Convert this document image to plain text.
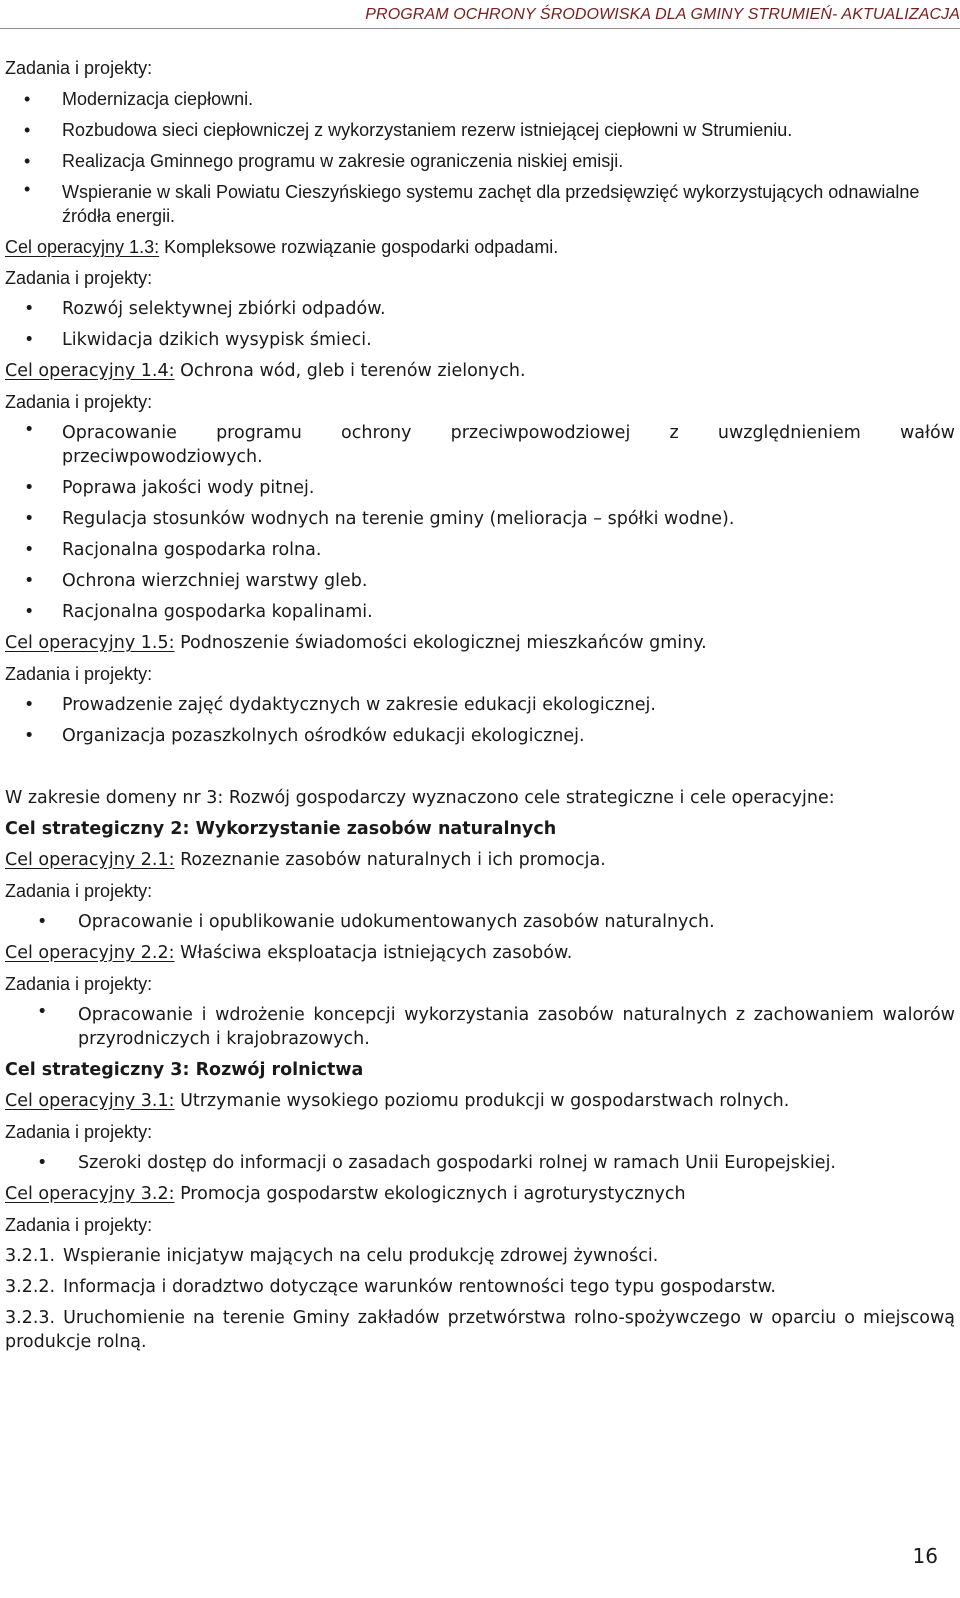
PROGRAM OCHRONY ŚRODOWISKA DLA GMINY STRUMIEŃ- AKTUALIZACJA

Zadania i projekty:

• Modernizacja ciepłowni.
• Rozbudowa sieci ciepłowniczej z wykorzystaniem rezerw istniejącej ciepłowni w Strumieniu.
• Realizacja Gminnego programu w zakresie ograniczenia niskiej emisji.
• Wspieranie w skali Powiatu Cieszyńskiego systemu zachęt dla przedsięwzięć wykorzystujących odnawialne źródła energii.

Cel operacyjny 1.3: Kompleksowe rozwiązanie gospodarki odpadami.

Zadania i projekty:

• Rozwój selektywnej zbiórki odpadów.
• Likwidacja dzikich wysypisk śmieci.

Cel operacyjny 1.4: Ochrona wód, gleb i terenów zielonych.

Zadania i projekty:

• Opracowanie programu ochrony przeciwpowodziowej z uwzględnieniem wałów przeciwpowodziowych.
• Poprawa jakości wody pitnej.
• Regulacja stosunków wodnych na terenie gminy (melioracja – spółki wodne).
• Racjonalna gospodarka rolna.
• Ochrona wierzchniej warstwy gleb.
• Racjonalna gospodarka kopalinami.

Cel operacyjny 1.5: Podnoszenie świadomości ekologicznej mieszkańców gminy.

Zadania i projekty:

• Prowadzenie zajęć dydaktycznych w zakresie edukacji ekologicznej.
• Organizacja pozaszkolnych ośrodków edukacji ekologicznej.

W zakresie domeny nr 3: Rozwój gospodarczy wyznaczono cele strategiczne i cele operacyjne:

Cel strategiczny 2: Wykorzystanie zasobów naturalnych

Cel operacyjny 2.1: Rozeznanie zasobów naturalnych i ich promocja.

Zadania i projekty:

• Opracowanie i opublikowanie udokumentowanych zasobów naturalnych.

Cel operacyjny 2.2: Właściwa eksploatacja istniejących zasobów.

Zadania i projekty:

• Opracowanie i wdrożenie koncepcji wykorzystania zasobów naturalnych z zachowaniem walorów przyrodniczych i krajobrazowych.

Cel strategiczny 3: Rozwój rolnictwa

Cel operacyjny 3.1: Utrzymanie wysokiego poziomu produkcji w gospodarstwach rolnych.

Zadania i projekty:

• Szeroki dostęp do informacji o zasadach gospodarki rolnej w ramach Unii Europejskiej.

Cel operacyjny 3.2: Promocja gospodarstw ekologicznych i agroturystycznych

Zadania i projekty:

3.2.1. Wspieranie inicjatyw mających na celu produkcję zdrowej żywności.
3.2.2. Informacja i doradztwo dotyczące warunków rentowności tego typu gospodarstw.
3.2.3. Uruchomienie na terenie Gminy zakładów przetwórstwa rolno-spożywczego w oparciu o miejscową produkcje rolną.
16
